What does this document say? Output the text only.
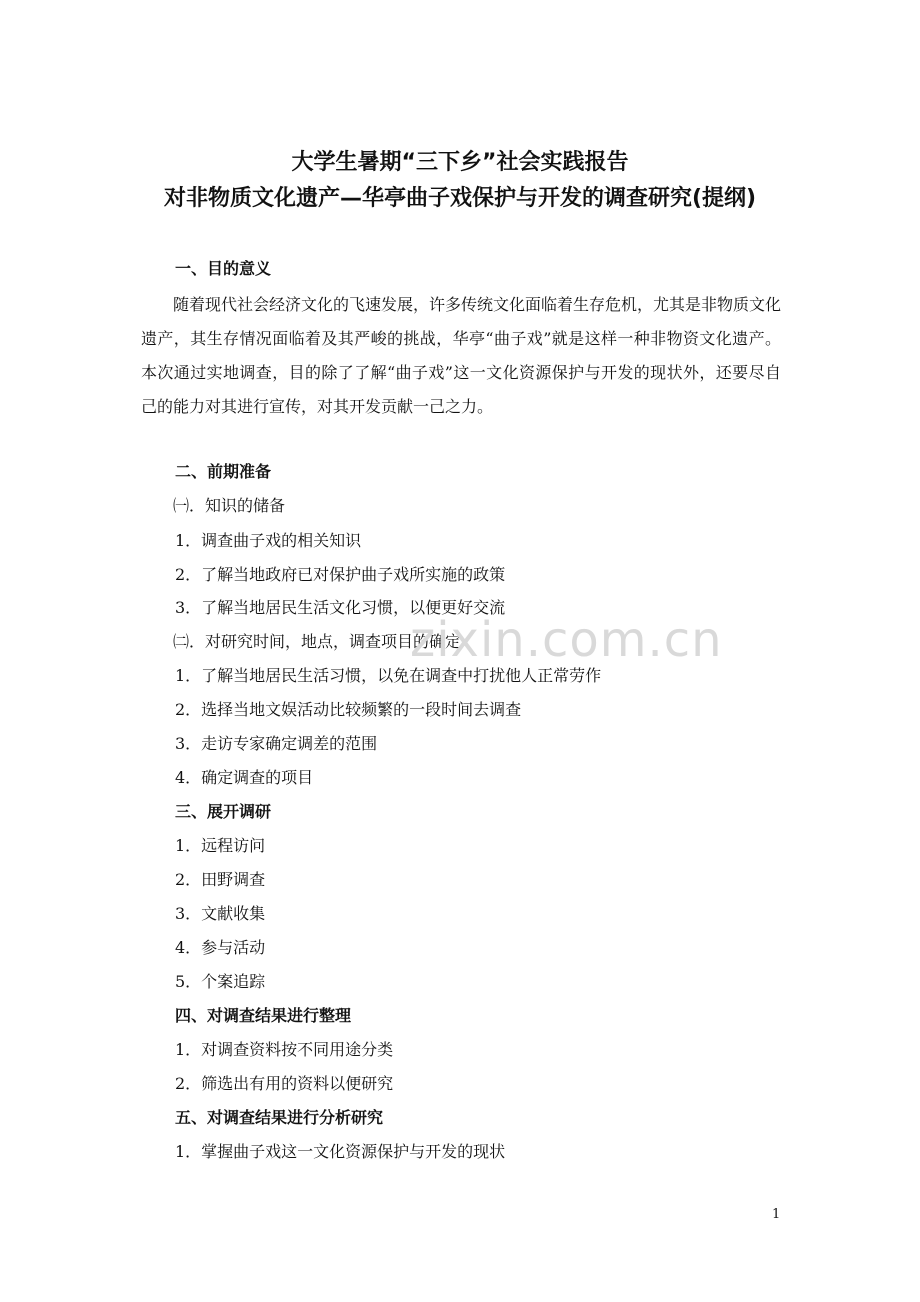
大学生暑期“三下乡”社会实践报告
对非物质文化遗产—华亭曲子戏保护与开发的调查研究(提纲)
一、目的意义
随着现代社会经济文化的飞速发展，许多传统文化面临着生存危机，尤其是非物质文化遗产，其生存情况面临着及其严峻的挑战，华亭“曲子戏”就是这样一种非物资文化遗产。本次通过实地调查，目的除了了解“曲子戏”这一文化资源保护与开发的现状外，还要尽自己的能力对其进行宣传，对其开发贡献一己之力。
二、前期准备
㈠．知识的储备
1．调查曲子戏的相关知识
2．了解当地政府已对保护曲子戏所实施的政策
3．了解当地居民生活文化习惯，以便更好交流
㈡．对研究时间，地点，调查项目的确定
1．了解当地居民生活习惯，以免在调查中打扰他人正常劳作
2．选择当地文娱活动比较频繁的一段时间去调查
3．走访专家确定调差的范围
4．确定调查的项目
三、展开调研
1．远程访问
2．田野调查
3．文献收集
4．参与活动
5．个案追踪
四、对调查结果进行整理
1．对调查资料按不同用途分类
2．筛选出有用的资料以便研究
五、对调查结果进行分析研究
1．掌握曲子戏这一文化资源保护与开发的现状
zixin.com.cn
1
